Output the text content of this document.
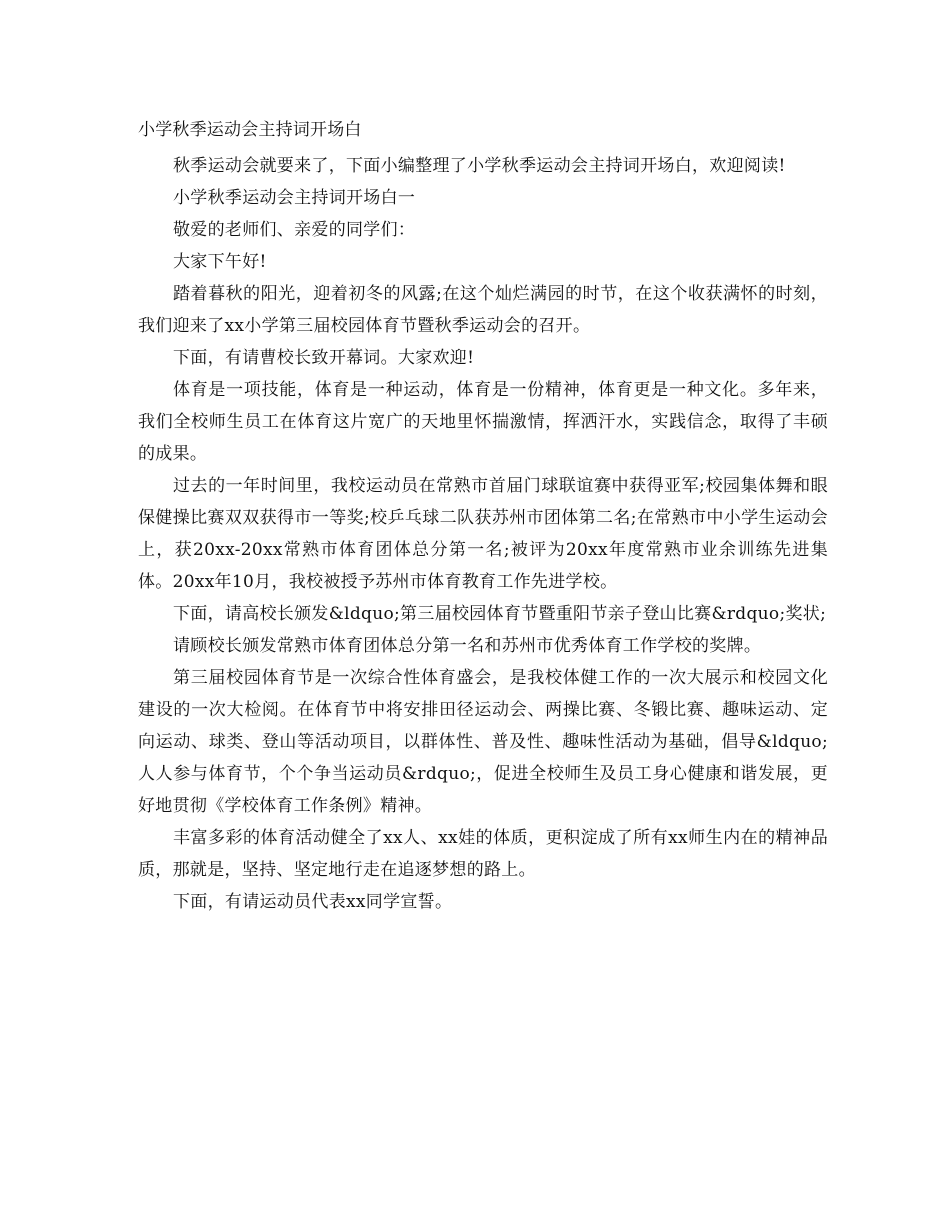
小学秋季运动会主持词开场白

秋季运动会就要来了，下面小编整理了小学秋季运动会主持词开场白，欢迎阅读!

小学秋季运动会主持词开场白一

敬爱的老师们、亲爱的同学们：

大家下午好!

踏着暮秋的阳光，迎着初冬的风露;在这个灿烂满园的时节，在这个收获满怀的时刻，我们迎来了xx小学第三届校园体育节暨秋季运动会的召开。

下面，有请曹校长致开幕词。大家欢迎!

体育是一项技能，体育是一种运动，体育是一份精神，体育更是一种文化。多年来，我们全校师生员工在体育这片宽广的天地里怀揣激情，挥洒汗水，实践信念，取得了丰硕的成果。

过去的一年时间里，我校运动员在常熟市首届门球联谊赛中获得亚军;校园集体舞和眼保健操比赛双双获得市一等奖;校乒乓球二队获苏州市团体第二名;在常熟市中小学生运动会上，获20xx-20xx常熟市体育团体总分第一名;被评为20xx年度常熟市业余训练先进集体。20xx年10月，我校被授予苏州市体育教育工作先进学校。

下面，请高校长颁发&ldquo;第三届校园体育节暨重阳节亲子登山比赛&rdquo;奖状;

请顾校长颁发常熟市体育团体总分第一名和苏州市优秀体育工作学校的奖牌。

第三届校园体育节是一次综合性体育盛会，是我校体健工作的一次大展示和校园文化建设的一次大检阅。在体育节中将安排田径运动会、两操比赛、冬锻比赛、趣味运动、定向运动、球类、登山等活动项目，以群体性、普及性、趣味性活动为基础，倡导&ldquo;人人参与体育节，个个争当运动员&rdquo;，促进全校师生及员工身心健康和谐发展，更好地贯彻《学校体育工作条例》精神。

丰富多彩的体育活动健全了xx人、xx娃的体质，更积淀成了所有xx师生内在的精神品质，那就是，坚持、坚定地行走在追逐梦想的路上。

下面，有请运动员代表xx同学宣誓。
